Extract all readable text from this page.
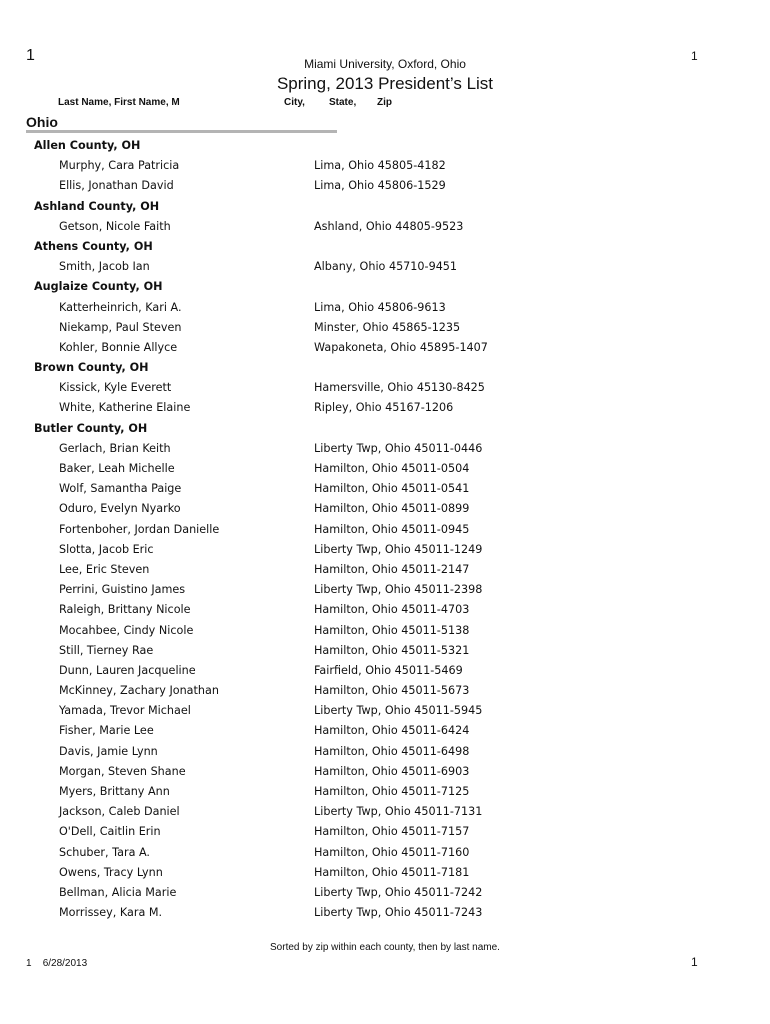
1	1
Miami University, Oxford, Ohio
Spring, 2013 President’s List
Last Name, First Name, M	City, State, Zip
Ohio
Allen County, OH
Murphy, Cara Patricia	Lima, Ohio 45805-4182
Ellis, Jonathan David	Lima, Ohio 45806-1529
Ashland County, OH
Getson, Nicole Faith	Ashland, Ohio 44805-9523
Athens County, OH
Smith, Jacob Ian	Albany, Ohio 45710-9451
Auglaize County, OH
Katterheinrich, Kari A.	Lima, Ohio 45806-9613
Niekamp, Paul Steven	Minster, Ohio 45865-1235
Kohler, Bonnie Allyce	Wapakoneta, Ohio 45895-1407
Brown County, OH
Kissick, Kyle Everett	Hamersville, Ohio 45130-8425
White, Katherine Elaine	Ripley, Ohio 45167-1206
Butler County, OH
Gerlach, Brian Keith	Liberty Twp, Ohio 45011-0446
Baker, Leah Michelle	Hamilton, Ohio 45011-0504
Wolf, Samantha Paige	Hamilton, Ohio 45011-0541
Oduro, Evelyn Nyarko	Hamilton, Ohio 45011-0899
Fortenboher, Jordan Danielle	Hamilton, Ohio 45011-0945
Slotta, Jacob Eric	Liberty Twp, Ohio 45011-1249
Lee, Eric Steven	Hamilton, Ohio 45011-2147
Perrini, Guistino James	Liberty Twp, Ohio 45011-2398
Raleigh, Brittany Nicole	Hamilton, Ohio 45011-4703
Mocahbee, Cindy Nicole	Hamilton, Ohio 45011-5138
Still, Tierney Rae	Hamilton, Ohio 45011-5321
Dunn, Lauren Jacqueline	Fairfield, Ohio 45011-5469
McKinney, Zachary Jonathan	Hamilton, Ohio 45011-5673
Yamada, Trevor Michael	Liberty Twp, Ohio 45011-5945
Fisher, Marie Lee	Hamilton, Ohio 45011-6424
Davis, Jamie Lynn	Hamilton, Ohio 45011-6498
Morgan, Steven Shane	Hamilton, Ohio 45011-6903
Myers, Brittany Ann	Hamilton, Ohio 45011-7125
Jackson, Caleb Daniel	Liberty Twp, Ohio 45011-7131
O'Dell, Caitlin Erin	Hamilton, Ohio 45011-7157
Schuber, Tara A.	Hamilton, Ohio 45011-7160
Owens, Tracy Lynn	Hamilton, Ohio 45011-7181
Bellman, Alicia Marie	Liberty Twp, Ohio 45011-7242
Morrissey, Kara M.	Liberty Twp, Ohio 45011-7243
Sorted by zip within each county, then by last name.
1 6/28/2013	1
